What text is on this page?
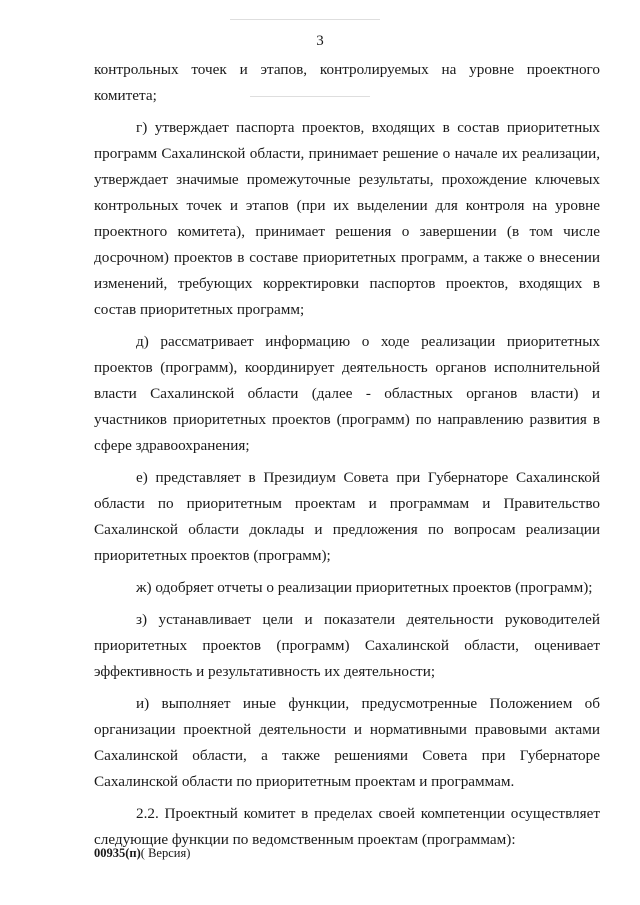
3

контрольных точек и этапов, контролируемых на уровне проектного комитета;

г) утверждает паспорта проектов, входящих в состав приоритетных программ Сахалинской области, принимает решение о начале их реализации, утверждает значимые промежуточные результаты, прохождение ключевых контрольных точек и этапов (при их выделении для контроля на уровне проектного комитета), принимает решения о завершении (в том числе досрочном) проектов в составе приоритетных программ, а также о внесении изменений, требующих корректировки паспортов проектов, входящих в состав приоритетных программ;

д) рассматривает информацию о ходе реализации приоритетных проектов (программ), координирует деятельность органов исполнительной власти Сахалинской области (далее - областных органов власти) и участников приоритетных проектов (программ) по направлению развития в сфере здравоохранения;

е) представляет в Президиум Совета при Губернаторе Сахалинской области по приоритетным проектам и программам и Правительство Сахалинской области доклады и предложения по вопросам реализации приоритетных проектов (программ);

ж) одобряет отчеты о реализации приоритетных проектов (программ);

з) устанавливает цели и показатели деятельности руководителей приоритетных проектов (программ) Сахалинской области, оценивает эффективность и результативность их деятельности;

и) выполняет иные функции, предусмотренные Положением об организации проектной деятельности и нормативными правовыми актами Сахалинской области, а также решениями Совета при Губернаторе Сахалинской области по приоритетным проектам и программам.

2.2. Проектный комитет в пределах своей компетенции осуществляет следующие функции по ведомственным проектам (программам):

00935(п)( Версия)
